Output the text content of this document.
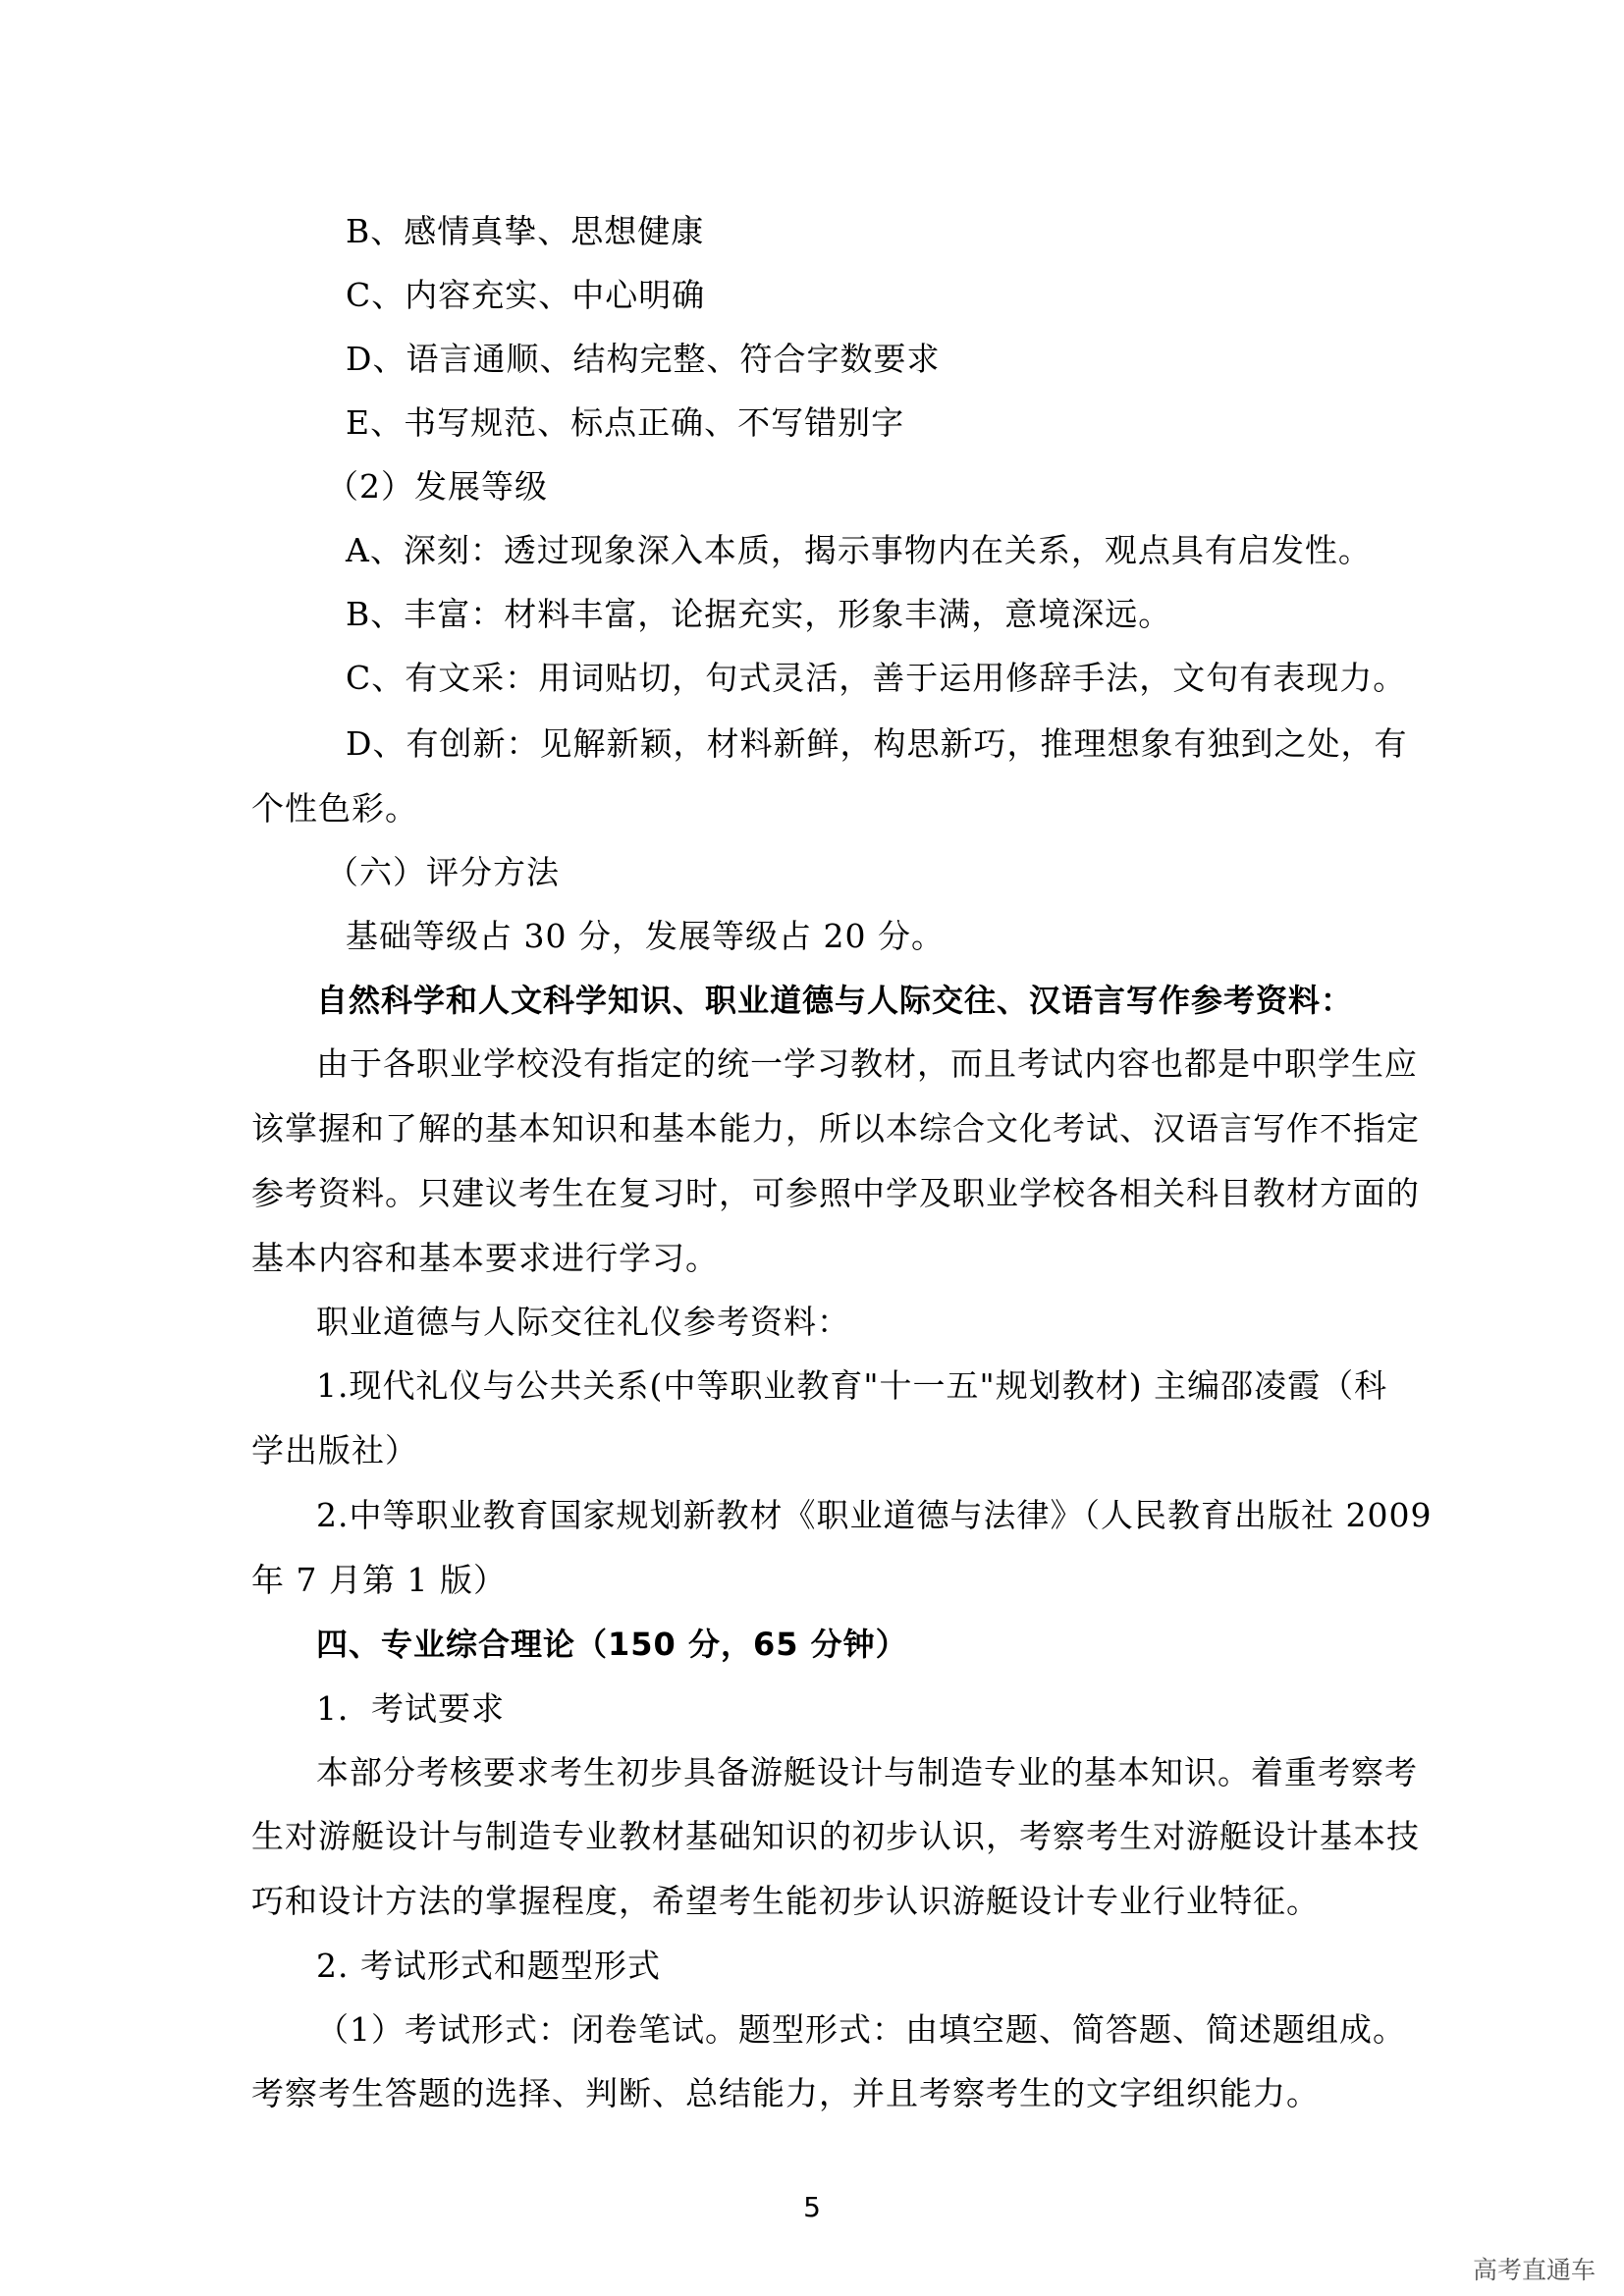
B、感情真挚、思想健康
C、内容充实、中心明确
D、语言通顺、结构完整、符合字数要求
E、书写规范、标点正确、不写错别字
（2）发展等级
A、深刻：透过现象深入本质，揭示事物内在关系，观点具有启发性。
B、丰富：材料丰富，论据充实，形象丰满，意境深远。
C、有文采：用词贴切，句式灵活，善于运用修辞手法，文句有表现力。
D、有创新：见解新颖，材料新鲜，构思新巧，推理想象有独到之处，有
个性色彩。
（六）评分方法
基础等级占 30 分，发展等级占 20 分。
自然科学和人文科学知识、职业道德与人际交往、汉语言写作参考资料：
由于各职业学校没有指定的统一学习教材，而且考试内容也都是中职学生应
该掌握和了解的基本知识和基本能力，所以本综合文化考试、汉语言写作不指定
参考资料。只建议考生在复习时，可参照中学及职业学校各相关科目教材方面的
基本内容和基本要求进行学习。
职业道德与人际交往礼仪参考资料：
1.现代礼仪与公共关系(中等职业教育"十一五"规划教材) 主编邵凌霞（科
学出版社）
2.中等职业教育国家规划新教材《职业道德与法律》（人民教育出版社 2009
年 7 月第 1 版）
四、专业综合理论（150 分，65 分钟）
1．考试要求
本部分考核要求考生初步具备游艇设计与制造专业的基本知识。着重考察考
生对游艇设计与制造专业教材基础知识的初步认识，考察考生对游艇设计基本技
巧和设计方法的掌握程度，希望考生能初步认识游艇设计专业行业特征。
2. 考试形式和题型形式
（1）考试形式：闭卷笔试。题型形式：由填空题、简答题、简述题组成。
考察考生答题的选择、判断、总结能力，并且考察考生的文字组织能力。
5
高考直通车
